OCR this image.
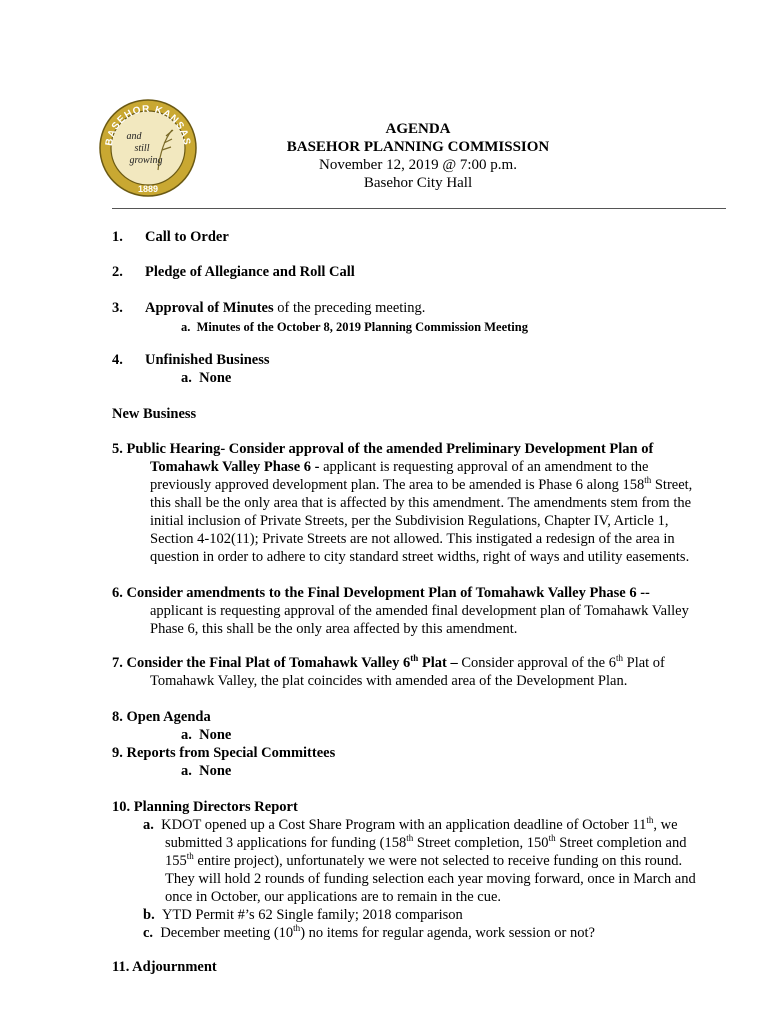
BASEHOR KANSAS
and
still
growing
1889
AGENDA
BASEHOR PLANNING COMMISSION
November 12, 2019 @ 7:00 p.m.
Basehor City Hall
1. Call to Order
2. Pledge of Allegiance and Roll Call
3. Approval of Minutes of the preceding meeting.
a. Minutes of the October 8, 2019 Planning Commission Meeting
4. Unfinished Business
a. None
New Business
5. Public Hearing- Consider approval of the amended Preliminary Development Plan of
Tomahawk Valley Phase 6 - applicant is requesting approval of an amendment to the
previously approved development plan. The area to be amended is Phase 6 along 158th Street,
this shall be the only area that is affected by this amendment. The amendments stem from the
initial inclusion of Private Streets, per the Subdivision Regulations, Chapter IV, Article 1,
Section 4-102(11); Private Streets are not allowed. This instigated a redesign of the area in
question in order to adhere to city standard street widths, right of ways and utility easements.
6. Consider amendments to the Final Development Plan of Tomahawk Valley Phase 6 --
applicant is requesting approval of the amended final development plan of Tomahawk Valley
Phase 6, this shall be the only area affected by this amendment.
7. Consider the Final Plat of Tomahawk Valley 6th Plat – Consider approval of the 6th Plat of
Tomahawk Valley, the plat coincides with amended area of the Development Plan.
8. Open Agenda
a. None
9. Reports from Special Committees
a. None
10. Planning Directors Report
a. KDOT opened up a Cost Share Program with an application deadline of October 11th, we
submitted 3 applications for funding (158th Street completion, 150th Street completion and
155th entire project), unfortunately we were not selected to receive funding on this round.
They will hold 2 rounds of funding selection each year moving forward, once in March and
once in October, our applications are to remain in the cue.
b. YTD Permit #’s 62 Single family; 2018 comparison
c. December meeting (10th) no items for regular agenda, work session or not?
11. Adjournment
